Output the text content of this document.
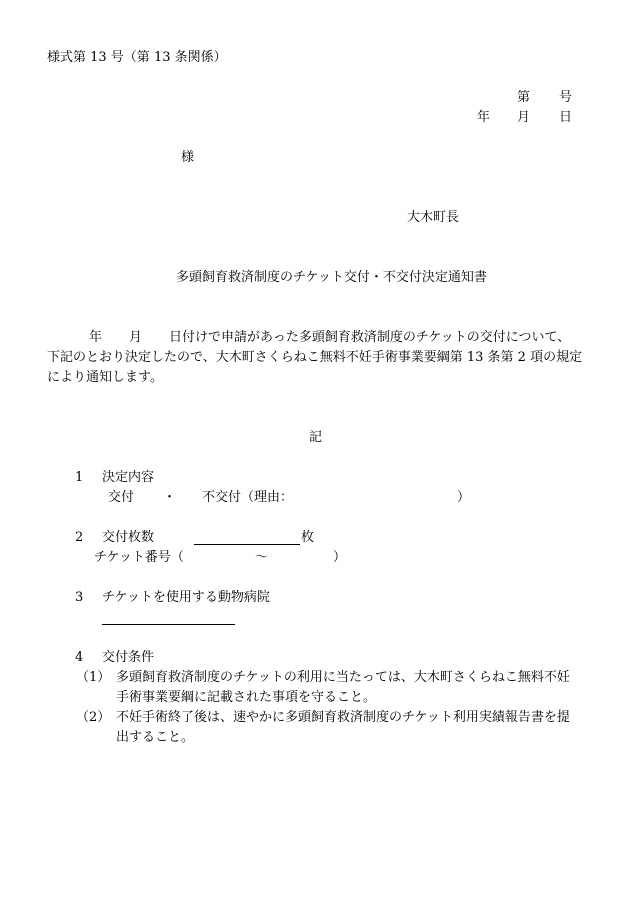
様式第 13 号（第 13 条関係）
第 号
年 月 日
様
大木町長
多頭飼育救済制度のチケット交付・不交付決定通知書
年 月 日付けで申請があった多頭飼育救済制度のチケットの交付について、
下記のとおり決定したので、大木町さくらねこ無料不妊手術事業要綱第 13 条第 2 項の規定
により通知します。
記
1 決定内容
交付 ・ 不交付（理由：	）
2 交付枚数	枚
チケット番号（	〜	）
3 チケットを使用する動物病院
4 交付条件
（1） 多頭飼育救済制度のチケットの利用に当たっては、大木町さくらねこ無料不妊
手術事業要綱に記載された事項を守ること。
（2） 不妊手術終了後は、速やかに多頭飼育救済制度のチケット利用実績報告書を提
出すること。
